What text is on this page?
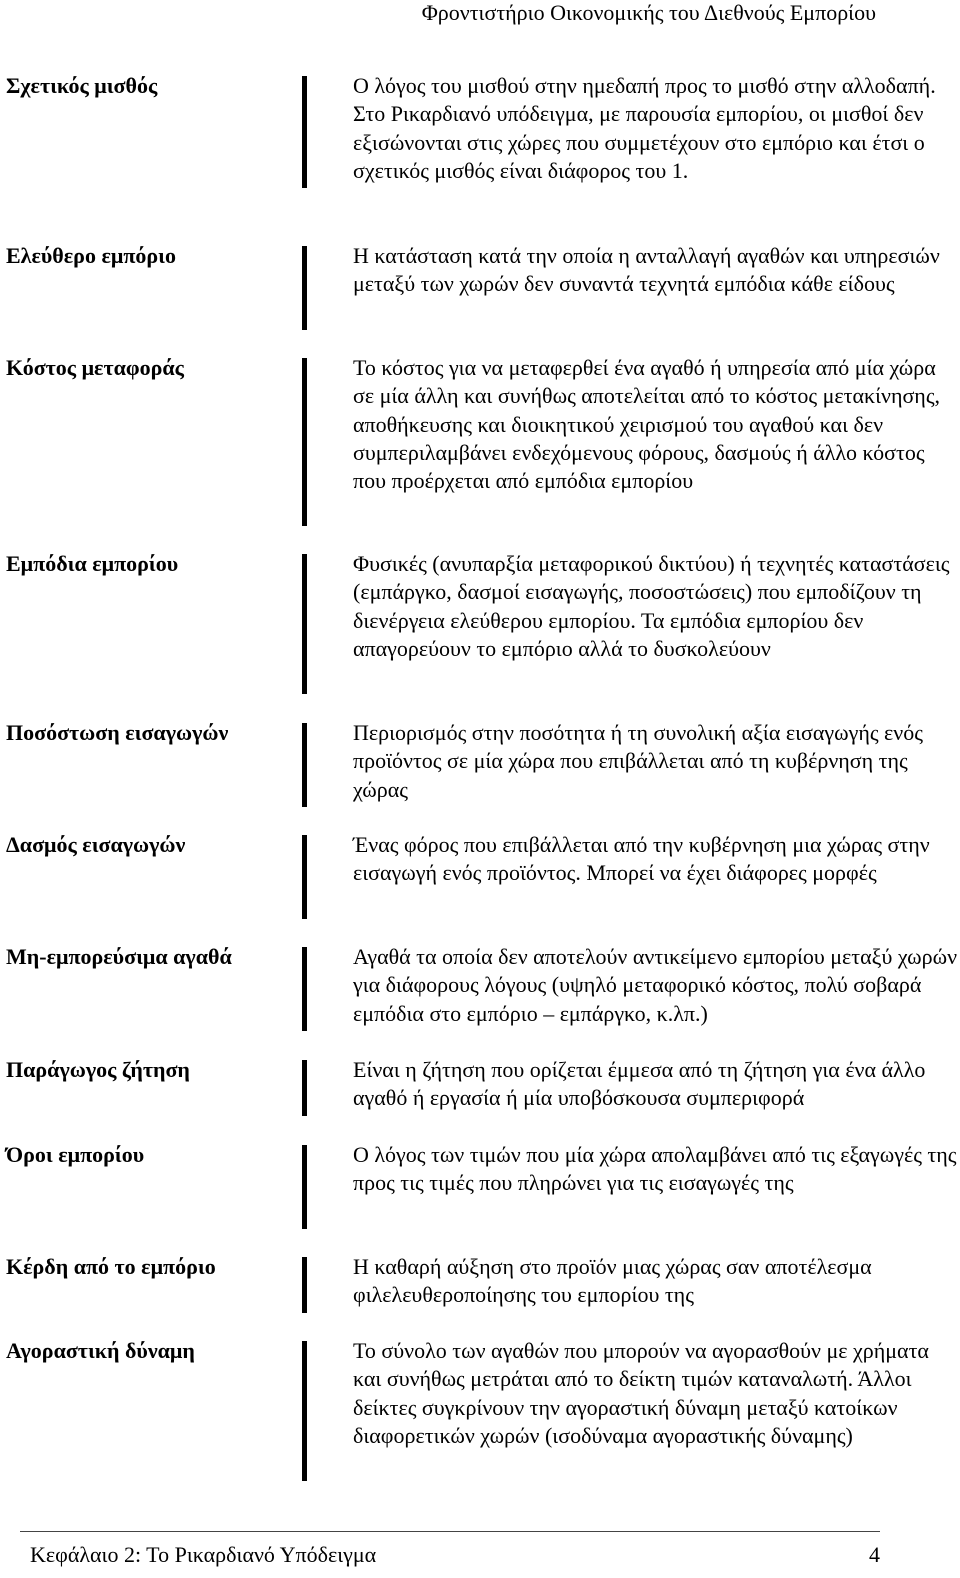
Φροντιστήριο Οικονομικής του Διεθνούς Εμπορίου
Σχετικός μισθός	Ο λόγος του μισθού στην ημεδαπή προς το μισθό στην αλλοδαπή. Στο Ρικαρδιανό υπόδειγμα, με παρουσία εμπορίου, οι μισθοί δεν εξισώνονται στις χώρες που συμμετέχουν στο εμπόριο και έτσι ο σχετικός μισθός είναι διάφορος του 1.
Ελεύθερο εμπόριο	Η κατάσταση κατά την οποία η ανταλλαγή αγαθών και υπηρεσιών μεταξύ των χωρών δεν συναντά τεχνητά εμπόδια κάθε είδους
Κόστος μεταφοράς	Το κόστος για να μεταφερθεί ένα αγαθό ή υπηρεσία από μία χώρα σε μία άλλη και συνήθως αποτελείται από το κόστος μετακίνησης, αποθήκευσης και διοικητικού χειρισμού του αγαθού και δεν συμπεριλαμβάνει ενδεχόμενους φόρους, δασμούς ή άλλο κόστος που προέρχεται από εμπόδια εμπορίου
Εμπόδια εμπορίου	Φυσικές (ανυπαρξία μεταφορικού δικτύου) ή τεχνητές καταστάσεις (εμπάργκο, δασμοί εισαγωγής, ποσοστώσεις) που εμποδίζουν τη διενέργεια ελεύθερου εμπορίου. Τα εμπόδια εμπορίου δεν απαγορεύουν το εμπόριο αλλά το δυσκολεύουν
Ποσόστωση εισαγωγών	Περιορισμός στην ποσότητα ή τη συνολική αξία εισαγωγής ενός προϊόντος σε μία χώρα που επιβάλλεται από τη κυβέρνηση της χώρας
Δασμός εισαγωγών	Ένας φόρος που επιβάλλεται από την κυβέρνηση μια χώρας στην εισαγωγή ενός προϊόντος. Μπορεί να έχει διάφορες μορφές
Μη-εμπορεύσιμα αγαθά	Αγαθά τα οποία δεν αποτελούν αντικείμενο εμπορίου μεταξύ χωρών για διάφορους λόγους (υψηλό μεταφορικό κόστος, πολύ σοβαρά εμπόδια στο εμπόριο – εμπάργκο, κ.λπ.)
Παράγωγος ζήτηση	Είναι η ζήτηση που ορίζεται έμμεσα από τη ζήτηση για ένα άλλο αγαθό ή εργασία ή μία υποβόσκουσα συμπεριφορά
Όροι εμπορίου	Ο λόγος των τιμών που μία χώρα απολαμβάνει από τις εξαγωγές της προς τις τιμές που πληρώνει για τις εισαγωγές της
Κέρδη από το εμπόριο	Η καθαρή αύξηση στο προϊόν μιας χώρας σαν αποτέλεσμα φιλελευθεροποίησης του εμπορίου της
Αγοραστική δύναμη	Το σύνολο των αγαθών που μπορούν να αγορασθούν με χρήματα και συνήθως μετράται από το δείκτη τιμών καταναλωτή. Άλλοι δείκτες συγκρίνουν την αγοραστική δύναμη μεταξύ κατοίκων διαφορετικών χωρών (ισοδύναμα αγοραστικής δύναμης)
Κεφάλαιο 2: Το Ρικαρδιανό Υπόδειγμα	4
